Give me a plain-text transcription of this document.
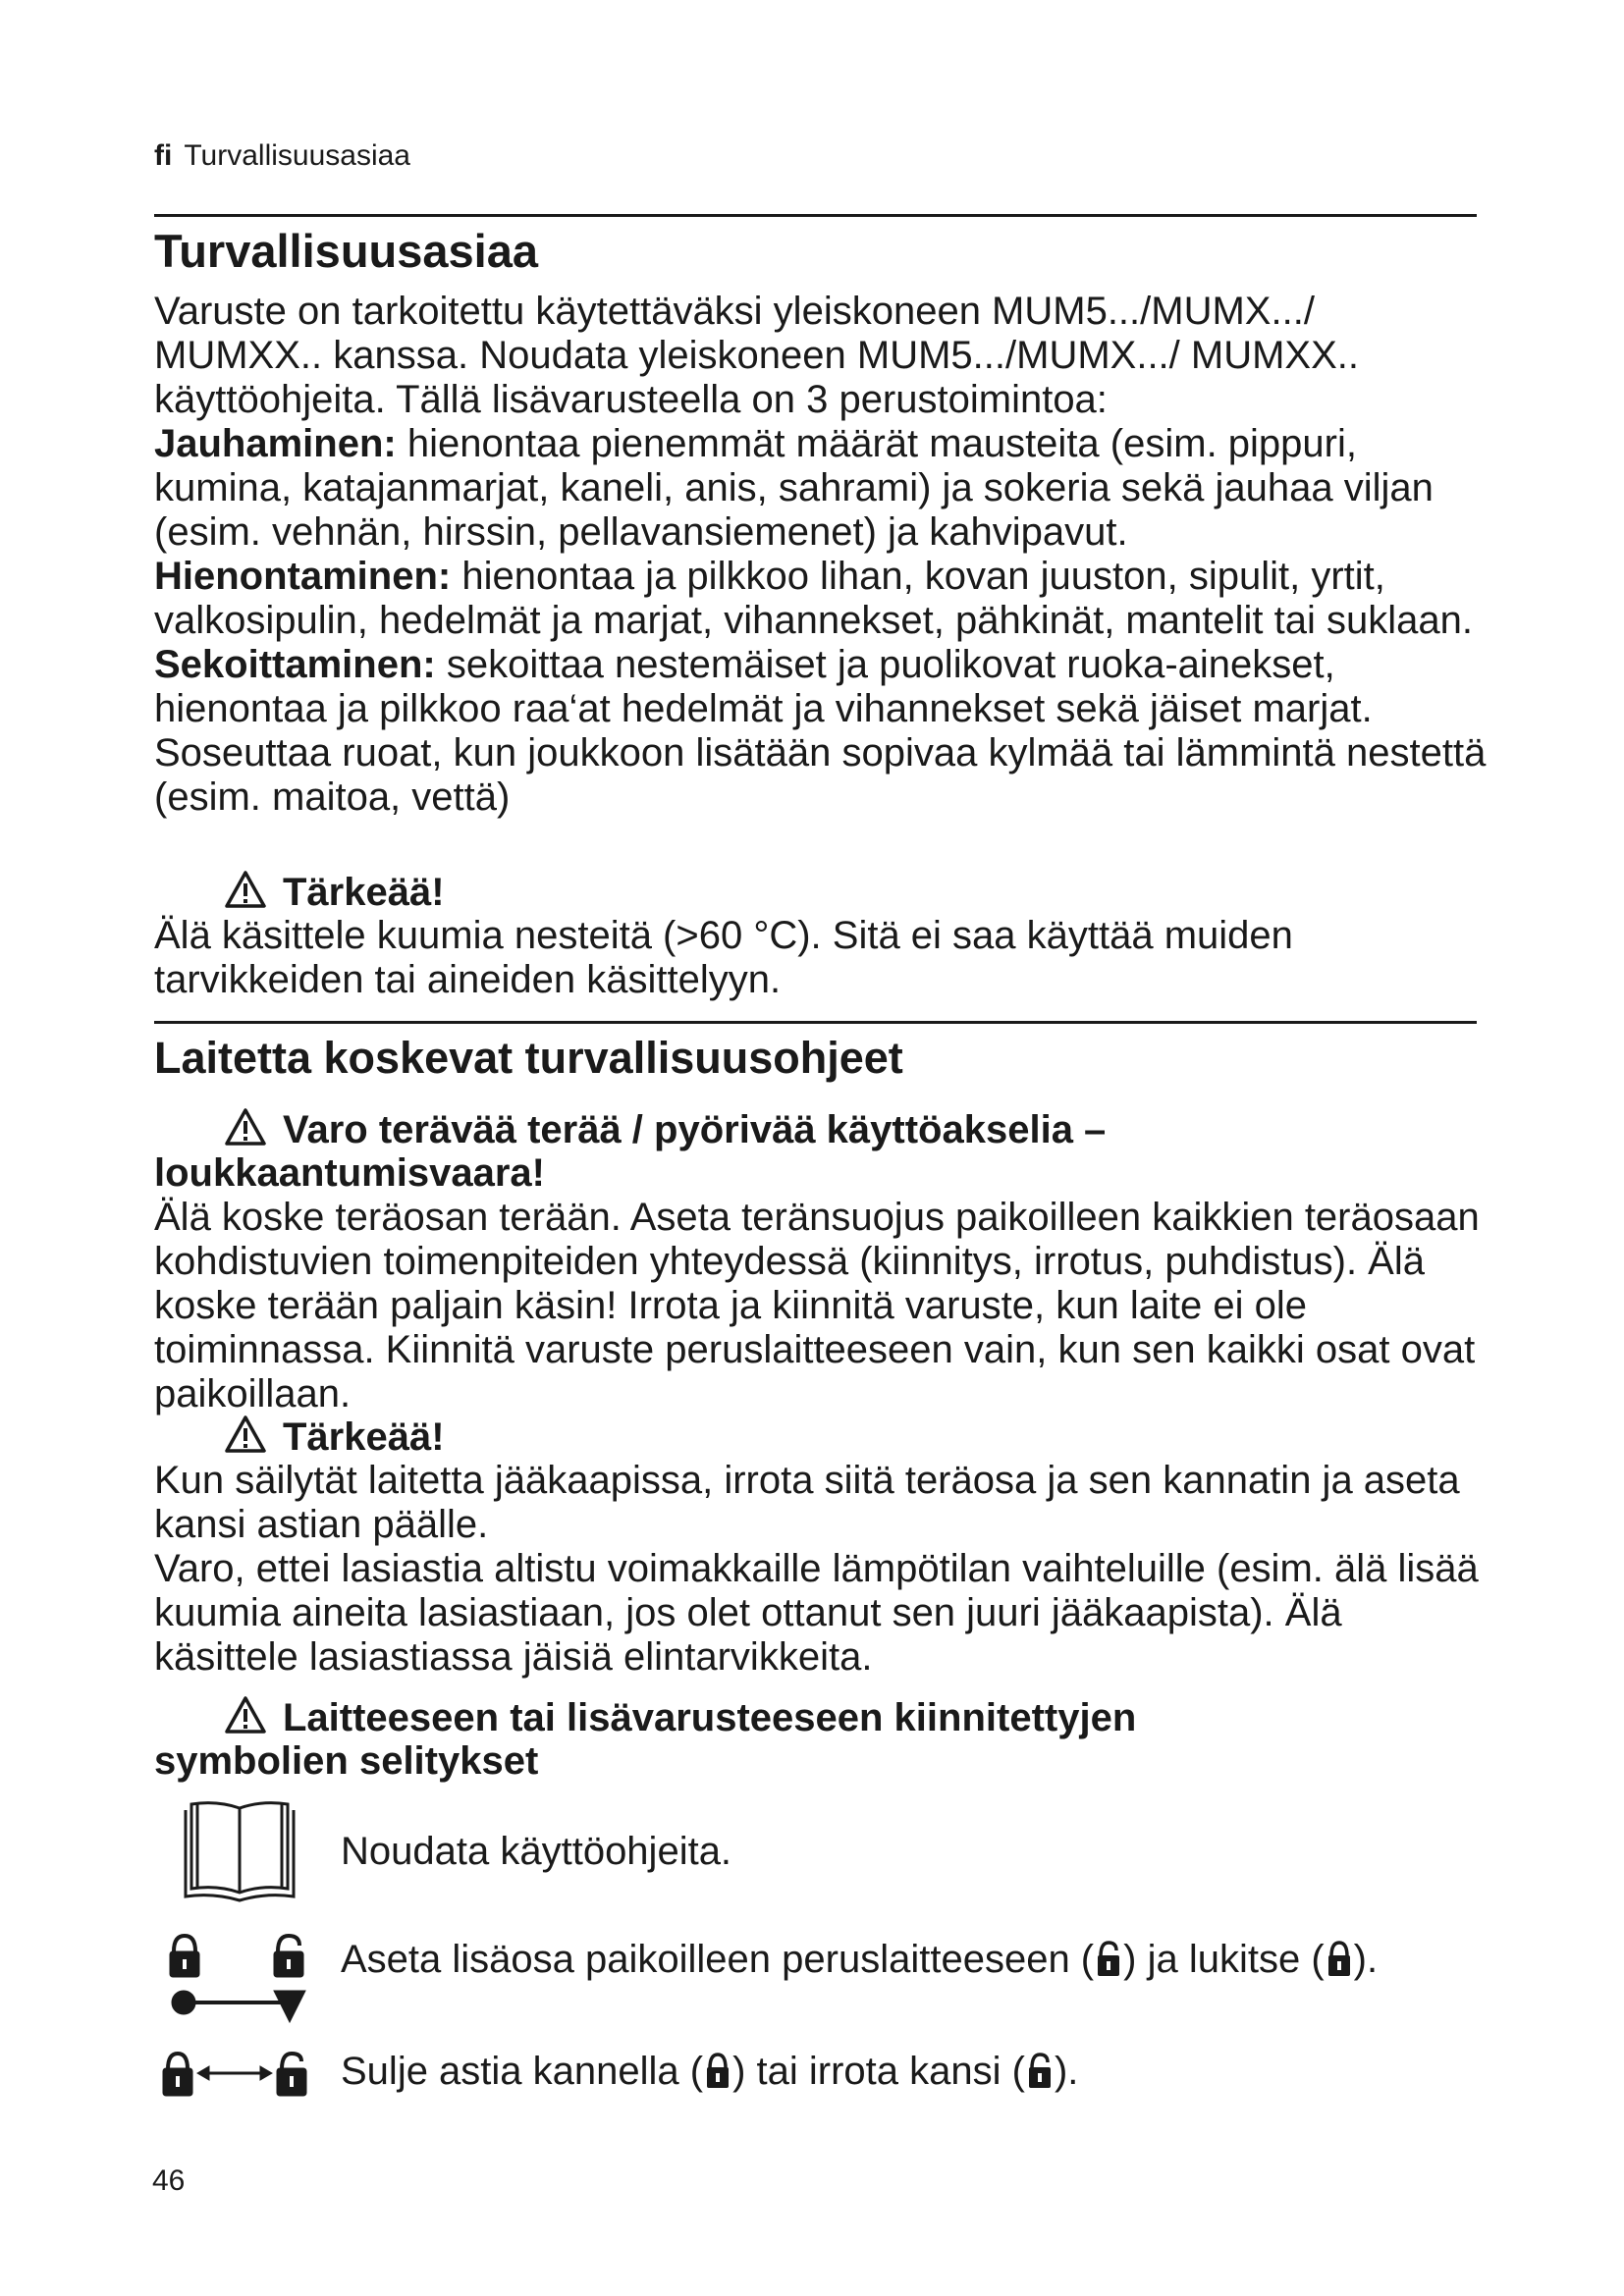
fi Turvallisuusasiaa
Turvallisuusasiaa

Varuste on tarkoitettu käytettäväksi yleiskoneen MUM5.../MUMX.../ MUMXX.. kanssa. Noudata yleiskoneen MUM5.../MUMX.../ MUMXX.. käyttöohjeita. Tällä lisävarusteella on 3 perustoimintoa:

Jauhaminen: hienontaa pienemmät määrät mausteita (esim. pippuri, kumina, katajanmarjat, kaneli, anis, sahrami) ja sokeria sekä jauhaa viljan (esim. vehnän, hirssin, pellavansiemenet) ja kahvipavut.

Hienontaminen: hienontaa ja pilkkoo lihan, kovan juuston, sipulit, yrtit, valkosipulin, hedelmät ja marjat, vihannekset, pähkinät, mantelit tai suklaan.

Sekoittaminen: sekoittaa nestemäiset ja puolikovat ruoka-ainekset, hienontaa ja pilkkoo raa‘at hedelmät ja vihannekset sekä jäiset marjat. Soseuttaa ruoat, kun joukkoon lisätään sopivaa kylmää tai lämmintä nestettä (esim. maitoa, vettä)

Tärkeää!
Älä käsittele kuumia nesteitä (>60 °C). Sitä ei saa käyttää muiden tarvikkeiden tai aineiden käsittelyyn.
Laitetta koskevat turvallisuusohjeet
Varo terävää terää / pyörivää käyttöakselia –
loukkaantumisvaara!
Älä koske teräosan terään. Aseta teränsuojus paikoilleen kaikkien teräosaan kohdistuvien toimenpiteiden yhteydessä (kiinnitys, irrotus, puhdistus). Älä koske terään paljain käsin! Irrota ja kiinnitä varuste, kun laite ei ole toiminnassa. Kiinnitä varuste peruslaitteeseen vain, kun sen kaikki osat ovat paikoillaan.
Tärkeää!

Kun säilytät laitetta jääkaapissa, irrota siitä teräosa ja sen kannatin ja aseta kansi astian päälle.

Varo, ettei lasiastia altistu voimakkaille lämpötilan vaihteluille (esim. älä lisää kuumia aineita lasiastiaan, jos olet ottanut sen juuri jääkaapista). Älä käsittele lasiastiassa jäisiä elintarvikkeita.

Laitteeseen tai lisävarusteeseen kiinnitettyjen
symbolien selitykset
Noudata käyttöohjeita.
Aseta lisäosa paikoilleen peruslaitteeseen ( ) ja lukitse ( ).
Sulje astia kannella ( ) tai irrota kansi ( ).
46
